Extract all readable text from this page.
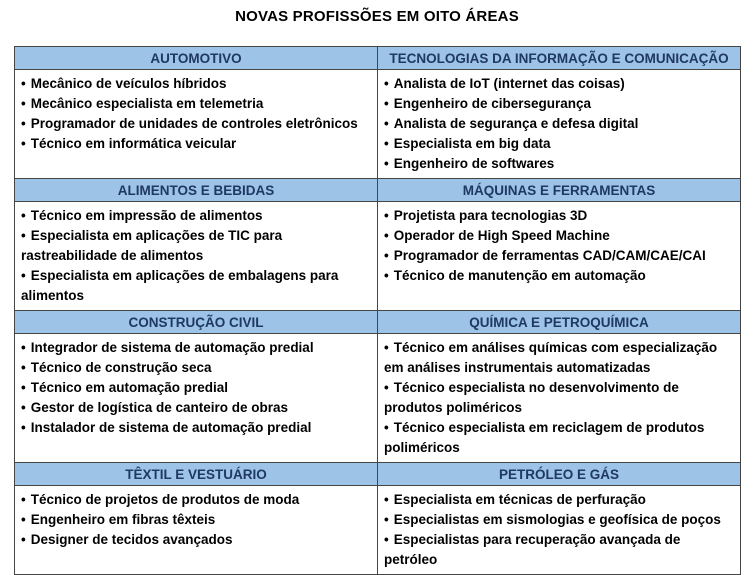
NOVAS PROFISSÕES EM OITO ÁREAS
AUTOMOTIVO	TECNOLOGIAS DA INFORMAÇÃO E COMUNICAÇÃO

• Mecânico de veículos híbridos
• Mecânico especialista em telemetria
• Programador de unidades de controles eletrônicos
• Técnico em informática veicular

• Analista de IoT (internet das coisas)
• Engenheiro de cibersegurança
• Analista de segurança e defesa digital
• Especialista em big data
• Engenheiro de softwares

ALIMENTOS E BEBIDAS	MÁQUINAS E FERRAMENTAS

• Técnico em impressão de alimentos
• Especialista em aplicações de TIC para rastreabilidade de alimentos
• Especialista em aplicações de embalagens para alimentos

• Projetista para tecnologias 3D
• Operador de High Speed Machine
• Programador de ferramentas CAD/CAM/CAE/CAI
• Técnico de manutenção em automação

CONSTRUÇÃO CIVIL	QUÍMICA E PETROQUÍMICA

• Integrador de sistema de automação predial
• Técnico de construção seca
• Técnico em automação predial
• Gestor de logística de canteiro de obras
• Instalador de sistema de automação predial

• Técnico em análises químicas com especialização em análises instrumentais automatizadas
• Técnico especialista no desenvolvimento de produtos poliméricos
• Técnico especialista em reciclagem de produtos poliméricos

TÊXTIL E VESTUÁRIO	PETRÓLEO E GÁS

• Técnico de projetos de produtos de moda
• Engenheiro em fibras têxteis
• Designer de tecidos avançados

• Especialista em técnicas de perfuração
• Especialistas em sismologias e geofísica de poços
• Especialistas para recuperação avançada de petróleo
